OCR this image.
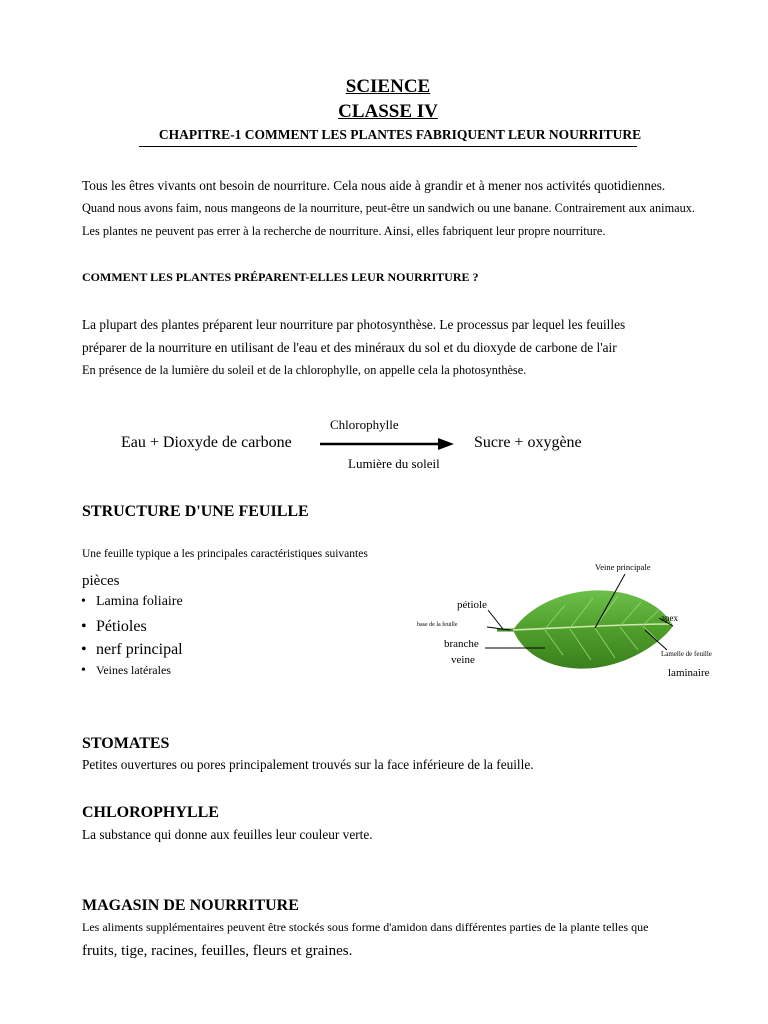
SCIENCE
CLASSE IV
CHAPITRE-1 COMMENT LES PLANTES FABRIQUENT LEUR NOURRITURE
Tous les êtres vivants ont besoin de nourriture. Cela nous aide à grandir et à mener nos activités quotidiennes.
Quand nous avons faim, nous mangeons de la nourriture, peut-être un sandwich ou une banane. Contrairement aux animaux.
Les plantes ne peuvent pas errer à la recherche de nourriture. Ainsi, elles fabriquent leur propre nourriture.
COMMENT LES PLANTES PRÉPARENT-ELLES LEUR NOURRITURE ?
La plupart des plantes préparent leur nourriture par photosynthèse. Le processus par lequel les feuilles
préparer de la nourriture en utilisant de l'eau et des minéraux du sol et du dioxyde de carbone de l'air
En présence de la lumière du soleil et de la chlorophylle, on appelle cela la photosynthèse.
Eau + Dioxyde de carbone
Chlorophylle
Lumière du soleil
Sucre + oxygène
STRUCTURE D'UNE FEUILLE
Une feuille typique a les principales caractéristiques suivantes
pièces
• Lamina foliaire
• Pétioles
• nerf principal
• Veines latérales
Veine principale
pétiole
base de la feuille
apex
branche
veine	Lamelle de feuille
laminaire
STOMATES
Petites ouvertures ou pores principalement trouvés sur la face inférieure de la feuille.
CHLOROPHYLLE
La substance qui donne aux feuilles leur couleur verte.
MAGASIN DE NOURRITURE
Les aliments supplémentaires peuvent être stockés sous forme d'amidon dans différentes parties de la plante telles que
fruits, tige, racines, feuilles, fleurs et graines.
